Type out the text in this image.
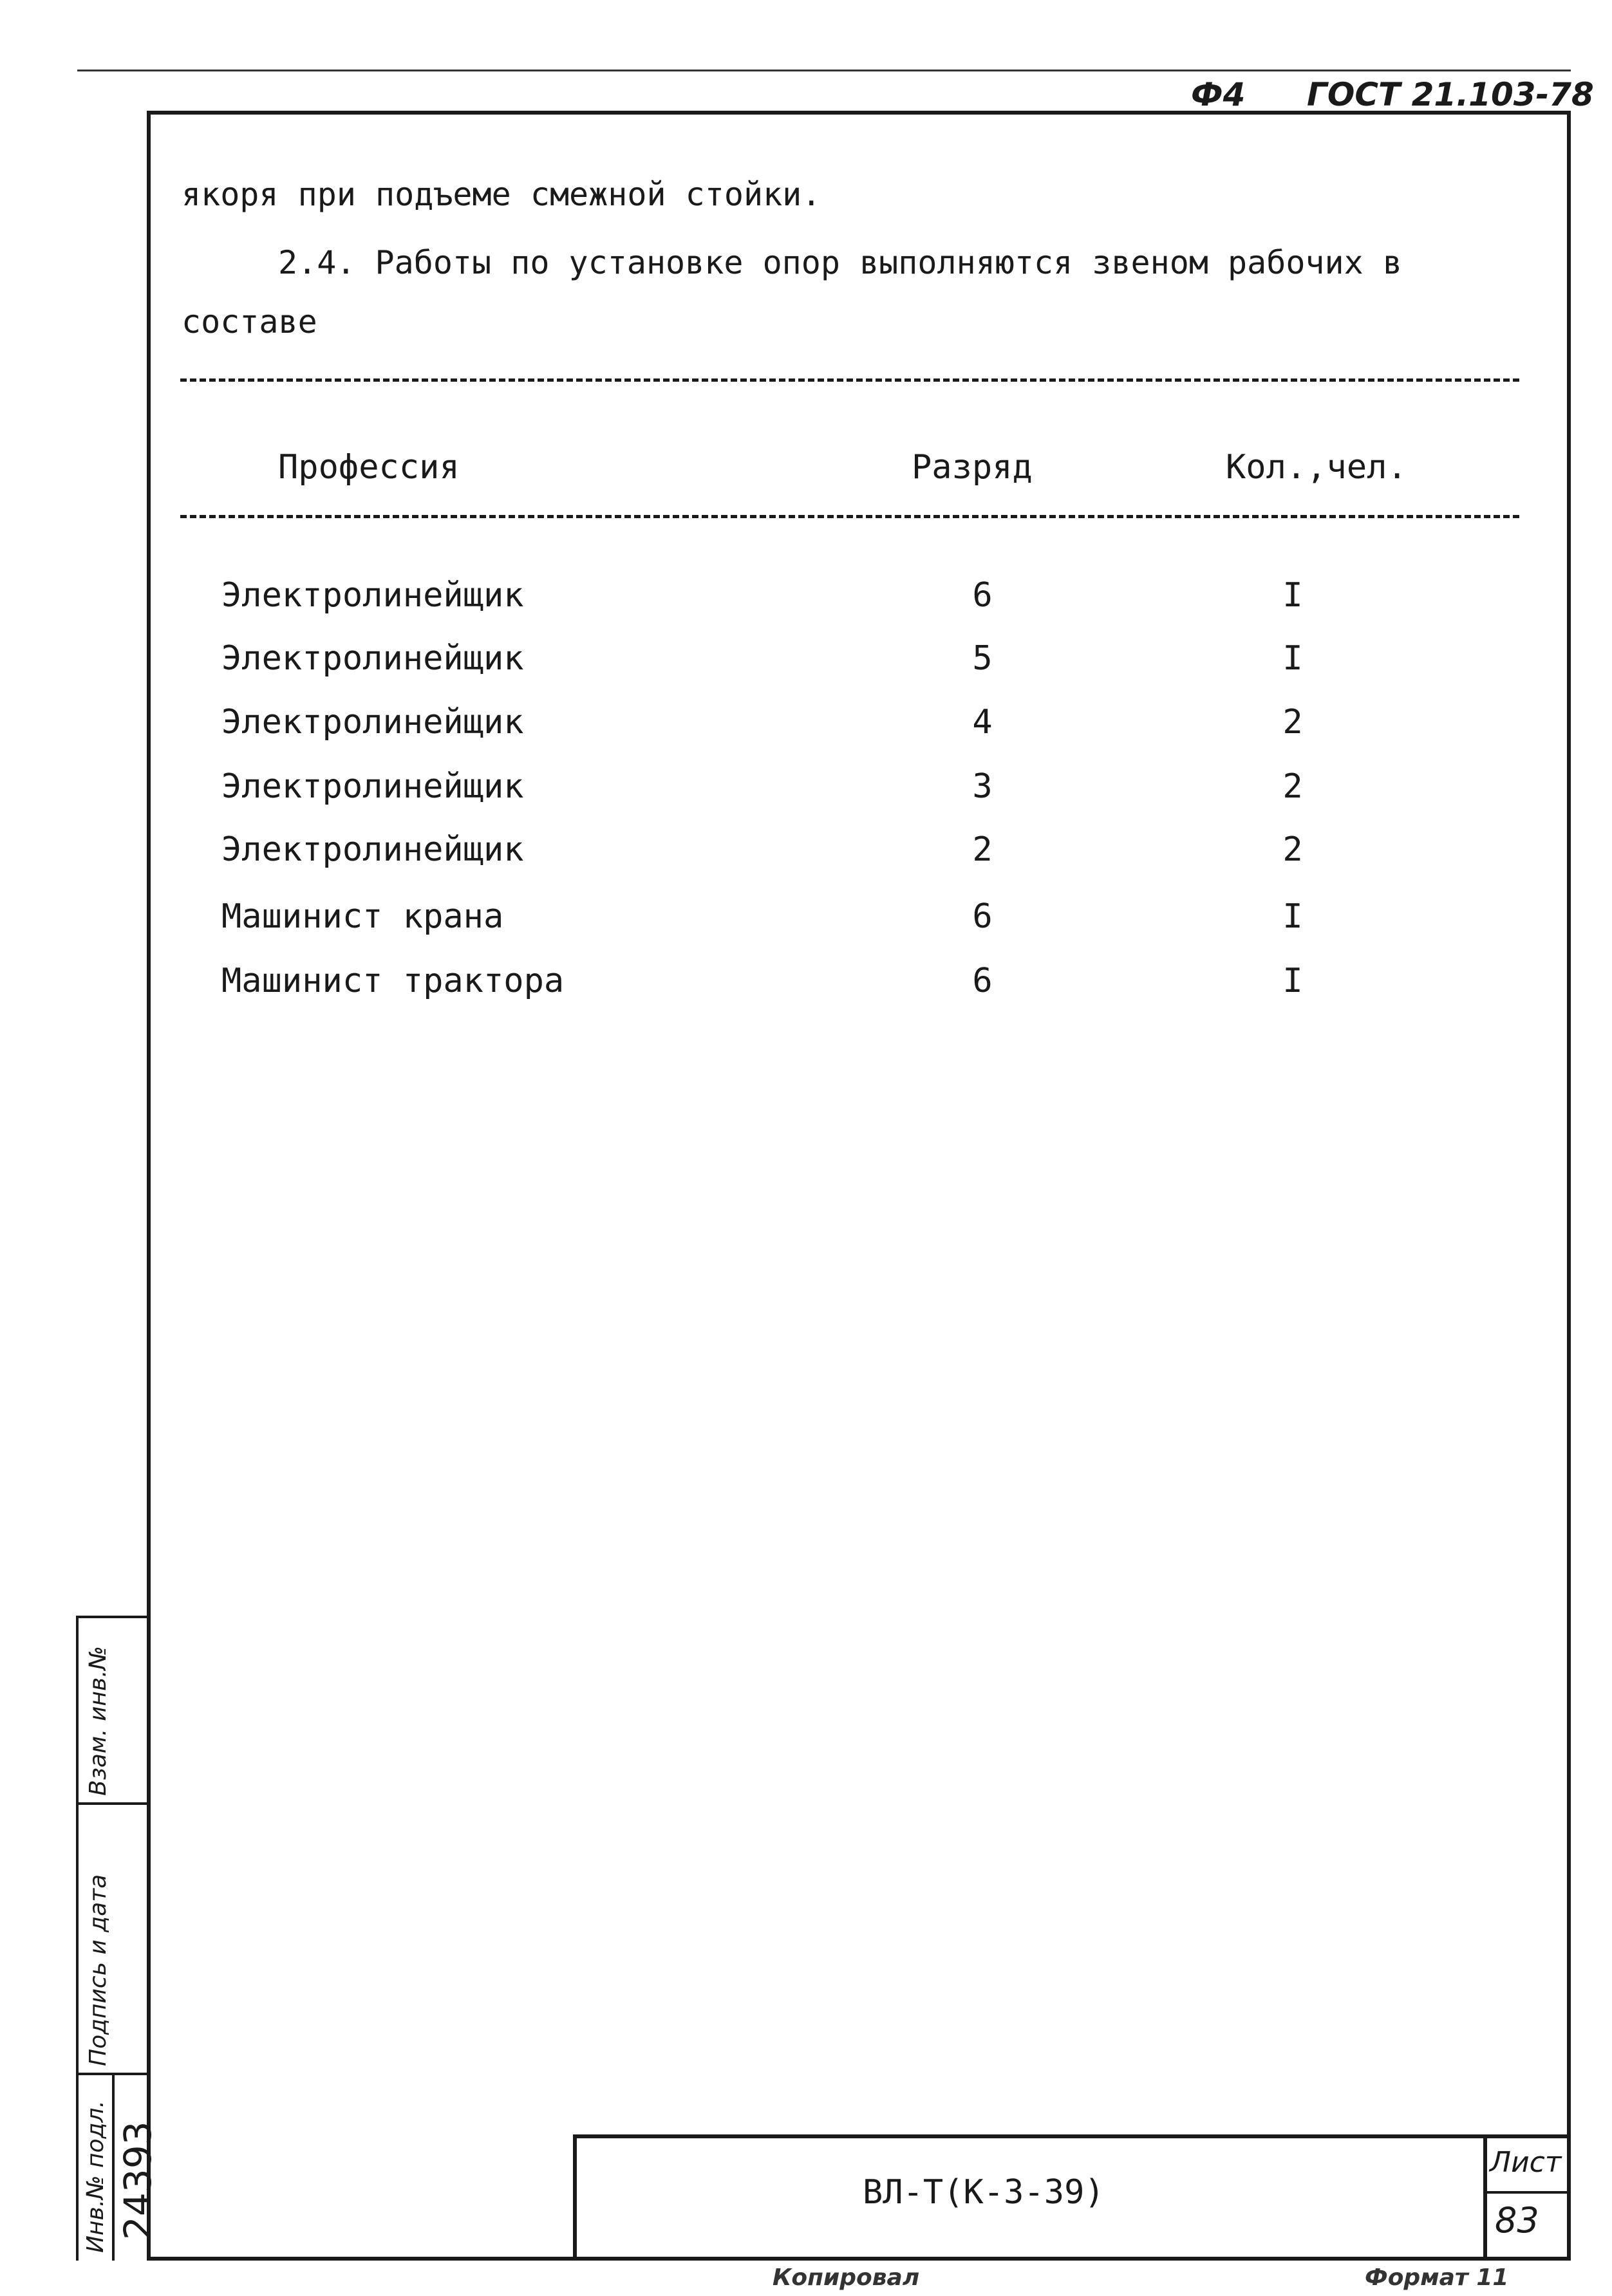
Ф4 ГОСТ 21.103-78
якоря при подъеме смежной стойки.
2.4. Работы по установке опор выполняются звеном рабочих в
составе
Профессия	Разряд	Кол.,чел.
Электролинейщик	6	I
Электролинейщик	5	I
Электролинейщик	4	2
Электролинейщик	3	2
Электролинейщик	2	2
Машинист крана	6	I
Машинист трактора	6	I
ВЛ-Т(К-3-39)
Лист
83
Взам. инв.№
Подпись и дата
Инв.№ подл. 24393
Копировал	Формат 11
